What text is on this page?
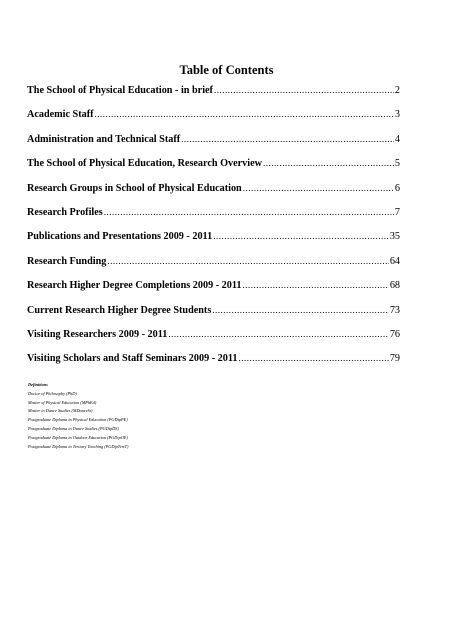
Table of Contents
The School of Physical Education - in brief .....	2
Academic Staff .....	3
Administration and Technical Staff .....	4
The School of Physical Education, Research Overview .....	5
Research Groups in School of Physical Education .....	6
Research Profiles .....	7
Publications and Presentations 2009 - 2011 .....	35
Research Funding .....	64
Research Higher Degree Completions 2009 - 2011 .....	68
Current Research Higher Degree Students .....	73
Visiting Researchers 2009 - 2011 .....	76
Visiting Scholars and Staff Seminars 2009 - 2011 .....	79
Definitions
Doctor of Philosophy (PhD)
Master of Physical Education (MPhEd)
Master in Dance Studies (MDanceSt)
Postgraduate Diploma in Physical Education (PGDipPE)
Postgraduate Diploma in Dance Studies (PGDipDS)
Postgraduate Diploma in Outdoor Education (PGDipOE)
Postgraduate Diploma in Tertiary Teaching (PGDipTertT)
